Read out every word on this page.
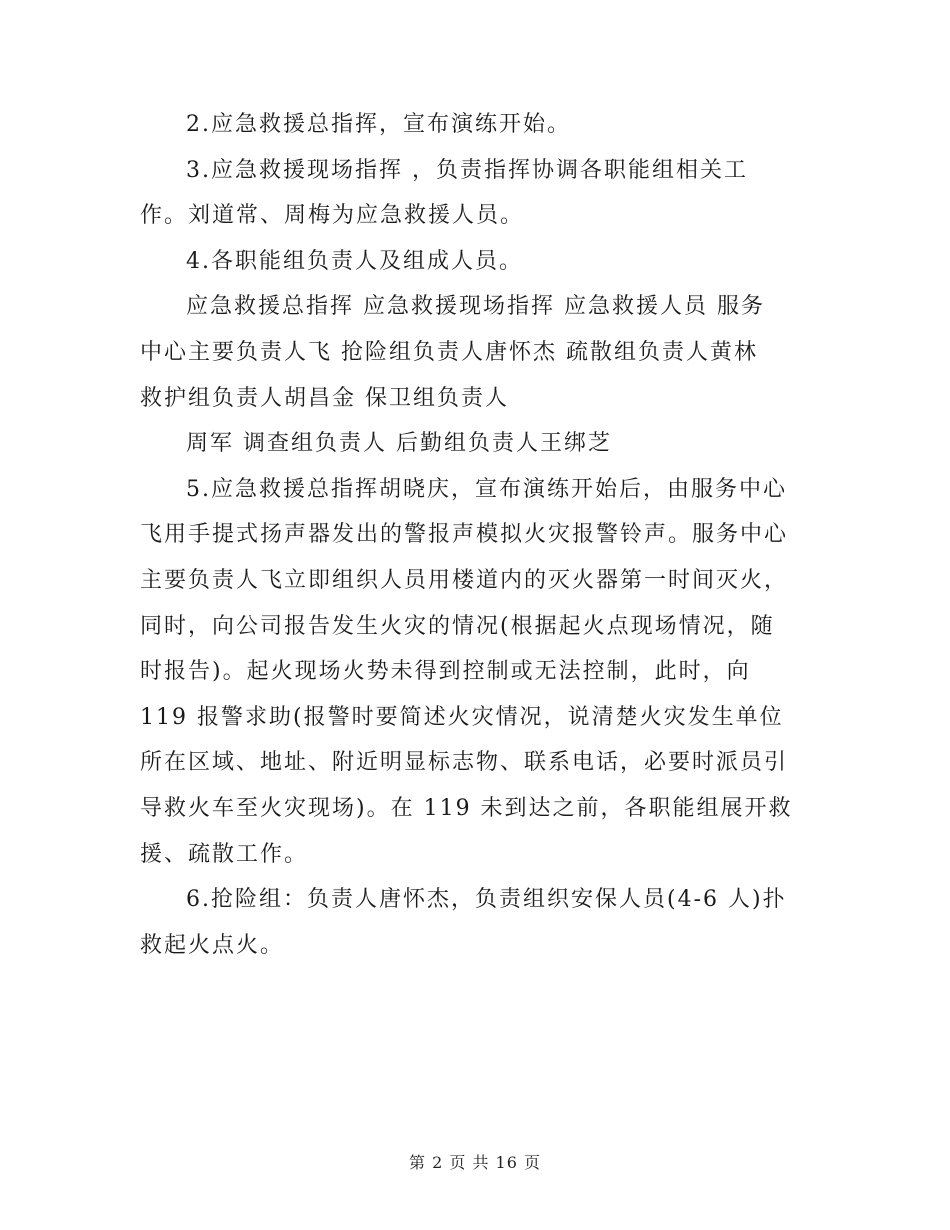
2.应急救援总指挥，宣布演练开始。
3.应急救援现场指挥 ，负责指挥协调各职能组相关工
作。刘道常、周梅为应急救援人员。
4.各职能组负责人及组成人员。
应急救援总指挥 应急救援现场指挥 应急救援人员 服务
中心主要负责人飞 抢险组负责人唐怀杰 疏散组负责人黄林
救护组负责人胡昌金 保卫组负责人
周军 调查组负责人 后勤组负责人王绑芝
5.应急救援总指挥胡晓庆，宣布演练开始后，由服务中心
飞用手提式扬声器发出的警报声模拟火灾报警铃声。服务中心
主要负责人飞立即组织人员用楼道内的灭火器第一时间灭火，
同时，向公司报告发生火灾的情况(根据起火点现场情况，随
时报告)。起火现场火势未得到控制或无法控制，此时，向
119 报警求助(报警时要简述火灾情况，说清楚火灾发生单位
所在区域、地址、附近明显标志物、联系电话，必要时派员引
导救火车至火灾现场)。在 119 未到达之前，各职能组展开救
援、疏散工作。
6.抢险组：负责人唐怀杰，负责组织安保人员(4-6 人)扑
救起火点火。
第 2 页 共 16 页
